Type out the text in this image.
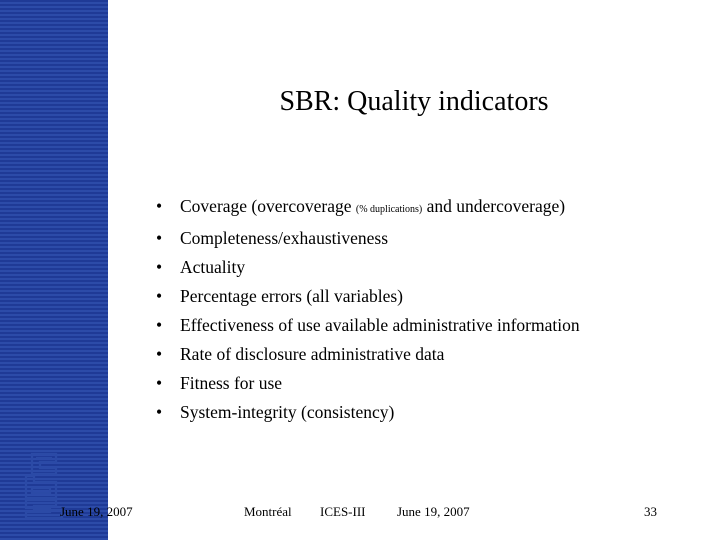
June 19, 2007
SBR: Quality indicators
• Coverage (overcoverage (% duplications) and undercoverage)
• Completeness/exhaustiveness
• Actuality
• Percentage errors (all variables)
• Effectiveness of use available administrative information
• Rate of disclosure administrative data
• Fitness for use
• System-integrity (consistency)
Montréal ICES-III June 19, 2007	33
